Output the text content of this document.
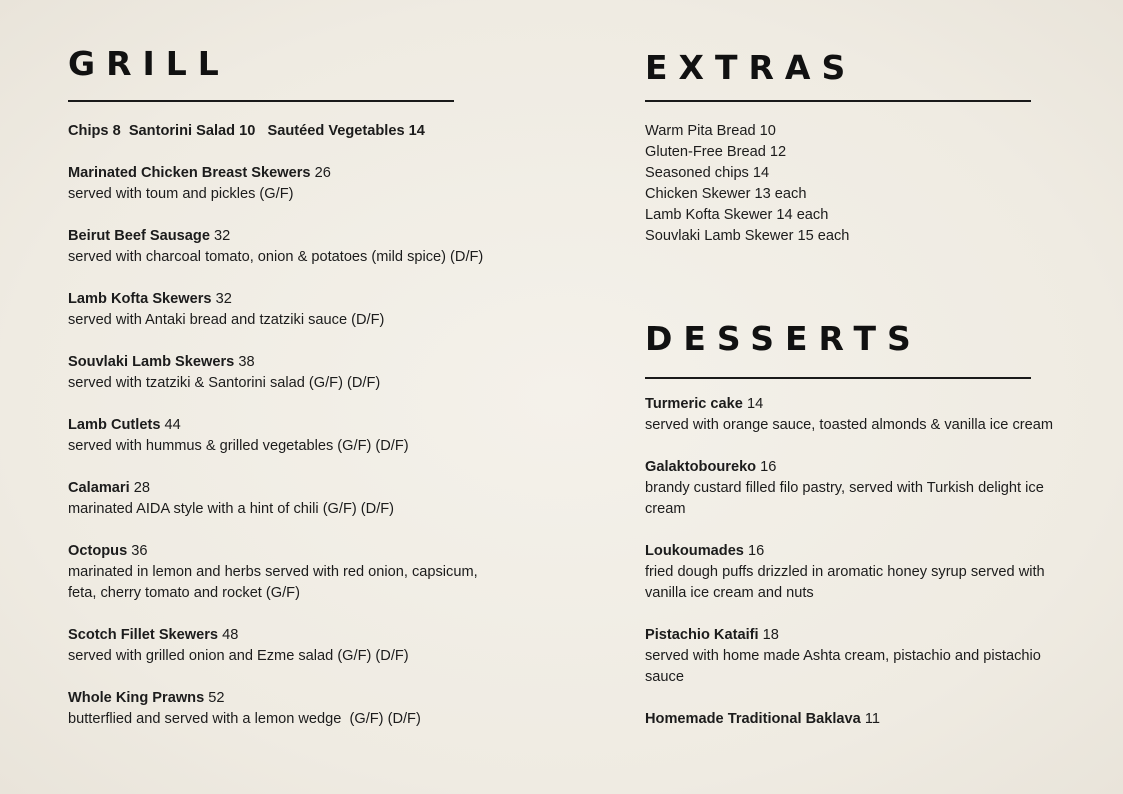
GRILL
Chips 8  Santorini Salad 10   Sautéed Vegetables 14
Marinated Chicken Breast Skewers 26
served with toum and pickles (G/F)
Beirut Beef Sausage 32
served with charcoal tomato, onion & potatoes (mild spice) (D/F)
Lamb Kofta Skewers 32
served with Antaki bread and tzatziki sauce (D/F)
Souvlaki Lamb Skewers 38
served with tzatziki & Santorini salad (G/F) (D/F)
Lamb Cutlets 44
served with hummus & grilled vegetables (G/F) (D/F)
Calamari 28
marinated AIDA style with a hint of chili (G/F) (D/F)
Octopus 36
marinated in lemon and herbs served with red onion, capsicum, feta, cherry tomato and rocket (G/F)
Scotch Fillet Skewers 48
served with grilled onion and Ezme salad (G/F) (D/F)
Whole King Prawns 52
butterflied and served with a lemon wedge  (G/F) (D/F)
EXTRAS
Warm Pita Bread 10
Gluten-Free Bread 12
Seasoned chips 14
Chicken Skewer 13 each
Lamb Kofta Skewer 14 each
Souvlaki Lamb Skewer 15 each
DESSERTS
Turmeric cake 14
served with orange sauce, toasted almonds & vanilla ice cream
Galaktoboureko 16
brandy custard filled filo pastry, served with Turkish delight ice cream
Loukoumades 16
fried dough puffs drizzled in aromatic honey syrup served with vanilla ice cream and nuts
Pistachio Kataifi 18
served with home made Ashta cream, pistachio and pistachio sauce
Homemade Traditional Baklava 11
